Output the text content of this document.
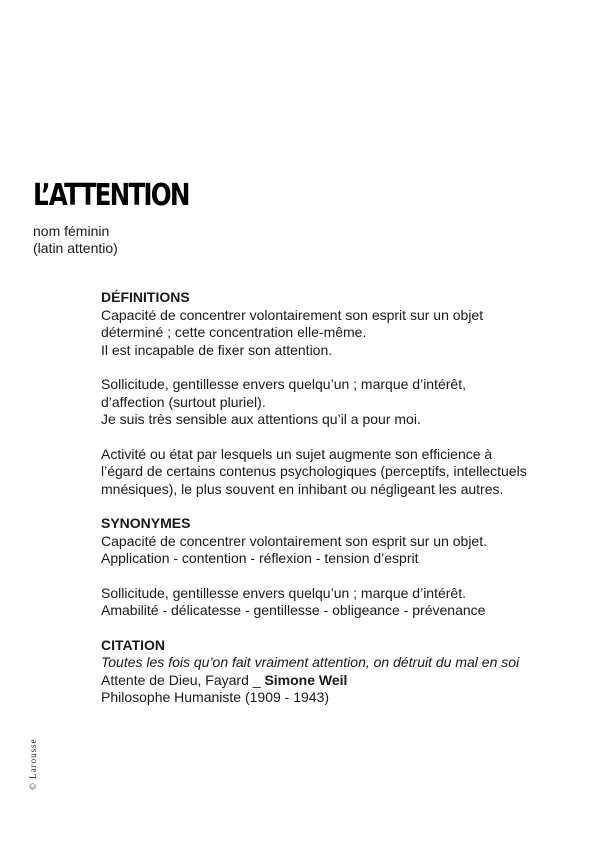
L’ATTENTION
nom féminin
(latin attentio)
DÉFINITIONS
Capacité de concentrer volontairement son esprit sur un objet
déterminé ; cette concentration elle-même.
Il est incapable de fixer son attention.
Sollicitude, gentillesse envers quelqu’un ; marque d’intérêt,
d’affection (surtout pluriel).
Je suis très sensible aux attentions qu’il a pour moi.
Activité ou état par lesquels un sujet augmente son efficience à
l’égard de certains contenus psychologiques (perceptifs, intellectuels
mnésiques), le plus souvent en inhibant ou négligeant les autres.
SYNONYMES
Capacité de concentrer volontairement son esprit sur un objet.
Application - contention - réflexion - tension d’esprit
Sollicitude, gentillesse envers quelqu’un ; marque d’intérêt.
Amabilité - délicatesse - gentillesse - obligeance - prévenance
CITATION
Toutes les fois qu’on fait vraiment attention, on détruit du mal en soi
Attente de Dieu, Fayard _ Simone Weil
Philosophe Humaniste (1909 - 1943)
© Larousse
